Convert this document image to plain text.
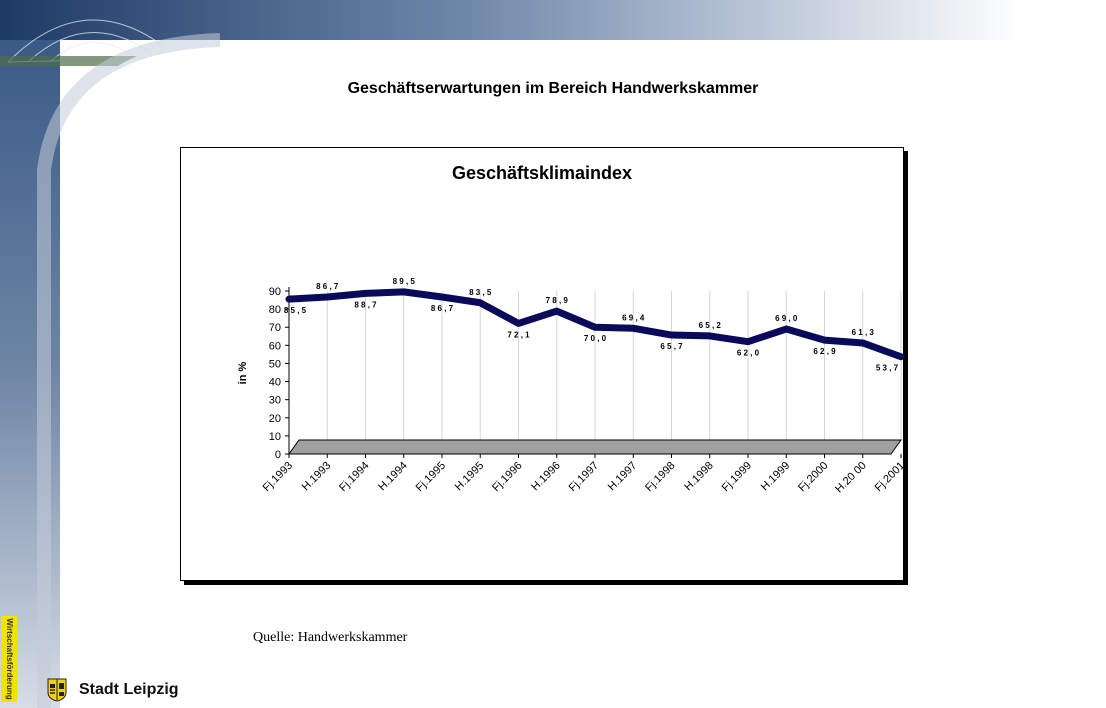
Geschäftserwartungen im Bereich Handwerkskammer
Geschäftsklimaindex
in %
0
10
20
30
40
50
60
70
80
90
Fj.1993 H.1993 Fj.1994 H.1994 Fj.1995 H.1995 Fj.1996 H.1996 Fj.1997 H.1997 Fj.1998 H.1998 Fj.1999 H.1999 Fj.2000 H.20 00 Fj.2001
8 5 , 5
8 6 , 7
8 8 , 7
8 9 , 5
8 6 , 7
8 3 , 5
7 2 , 1
7 8 , 9
7 0 , 0
6 9 , 4
6 5 , 7
6 5 , 2
6 2 , 0
6 9 , 0
6 2 , 9
6 1 , 3
5 3 , 7
Quelle: Handwerkskammer
Wirtschaftsförderung	Stadt Leipzig
